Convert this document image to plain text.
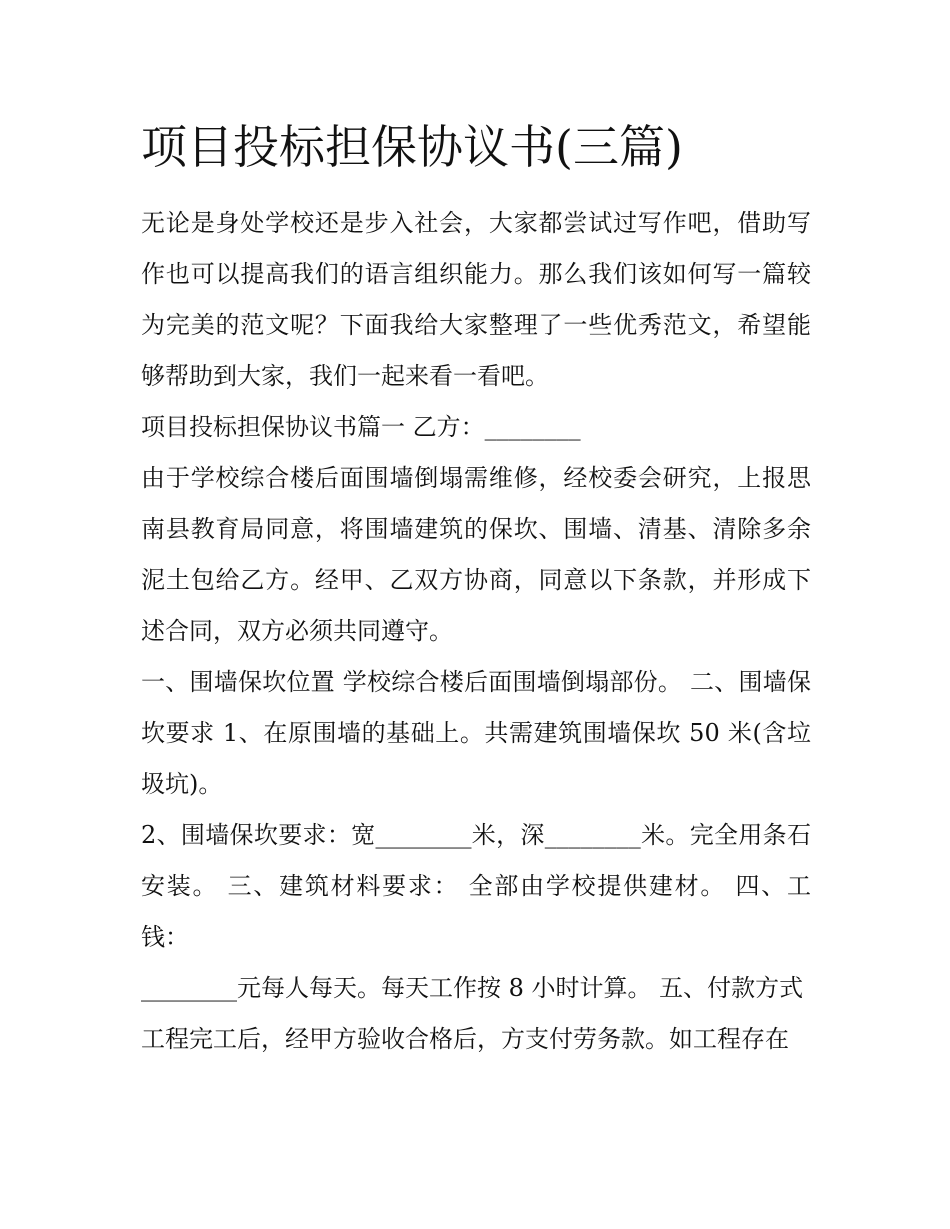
项目投标担保协议书(三篇)

无论是身处学校还是步入社会，大家都尝试过写作吧，借助写作也可以提高我们的语言组织能力。那么我们该如何写一篇较为完美的范文呢？下面我给大家整理了一些优秀范文，希望能够帮助到大家，我们一起来看一看吧。

项目投标担保协议书篇一 乙方：________

由于学校综合楼后面围墙倒塌需维修，经校委会研究，上报思南县教育局同意，将围墙建筑的保坎、围墙、清基、清除多余泥土包给乙方。经甲、乙双方协商，同意以下条款，并形成下述合同，双方必须共同遵守。

一、围墙保坎位置 学校综合楼后面围墙倒塌部份。 二、围墙保坎要求 1、在原围墙的基础上。共需建筑围墙保坎 50 米(含垃圾坑)。

2、围墙保坎要求：宽________米，深________米。完全用条石安装。 三、建筑材料要求： 全部由学校提供建材。 四、工钱：

________元每人每天。每天工作按 8 小时计算。 五、付款方式

工程完工后，经甲方验收合格后，方支付劳务款。如工程存在
